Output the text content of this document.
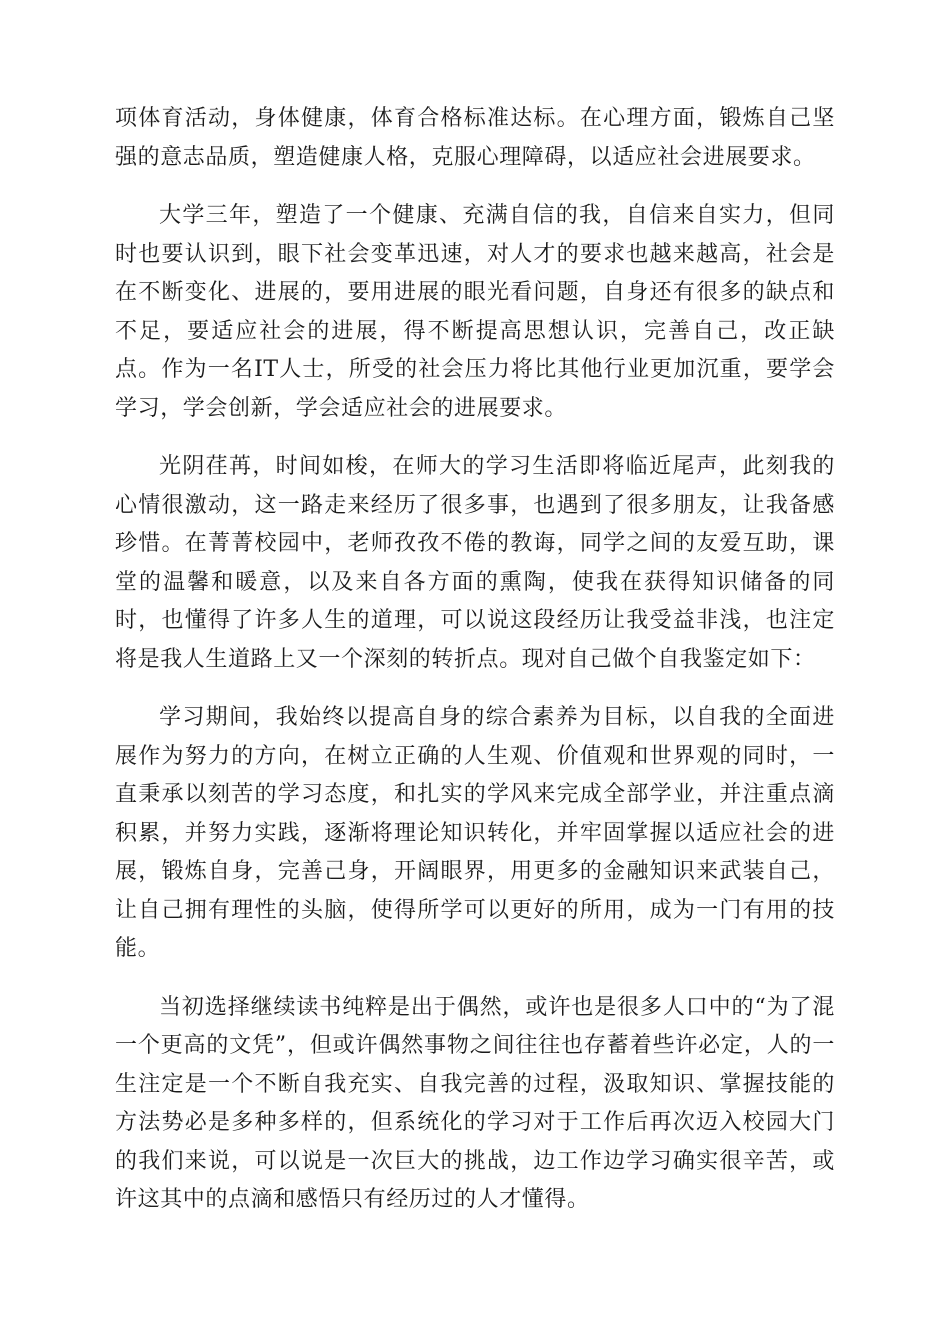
项体育活动，身体健康，体育合格标准达标。在心理方面，锻炼自己坚强的意志品质，塑造健康人格，克服心理障碍，以适应社会进展要求。

大学三年，塑造了一个健康、充满自信的我，自信来自实力，但同时也要认识到，眼下社会变革迅速，对人才的要求也越来越高，社会是在不断变化、进展的，要用进展的眼光看问题，自身还有很多的缺点和不足，要适应社会的进展，得不断提高思想认识，完善自己，改正缺点。作为一名IT人士，所受的社会压力将比其他行业更加沉重，要学会学习，学会创新，学会适应社会的进展要求。

光阴荏苒，时间如梭，在师大的学习生活即将临近尾声，此刻我的心情很激动，这一路走来经历了很多事，也遇到了很多朋友，让我备感珍惜。在菁菁校园中，老师孜孜不倦的教诲，同学之间的友爱互助，课堂的温馨和暖意，以及来自各方面的熏陶，使我在获得知识储备的同时，也懂得了许多人生的道理，可以说这段经历让我受益非浅，也注定将是我人生道路上又一个深刻的转折点。现对自己做个自我鉴定如下：

学习期间，我始终以提高自身的综合素养为目标，以自我的全面进展作为努力的方向，在树立正确的人生观、价值观和世界观的同时，一直秉承以刻苦的学习态度，和扎实的学风来完成全部学业，并注重点滴积累，并努力实践，逐渐将理论知识转化，并牢固掌握以适应社会的进展，锻炼自身，完善己身，开阔眼界，用更多的金融知识来武装自己，让自己拥有理性的头脑，使得所学可以更好的所用，成为一门有用的技能。

当初选择继续读书纯粹是出于偶然，或许也是很多人口中的“为了混一个更高的文凭”，但或许偶然事物之间往往也存蓄着些许必定，人的一生注定是一个不断自我充实、自我完善的过程，汲取知识、掌握技能的方法势必是多种多样的，但系统化的学习对于工作后再次迈入校园大门的我们来说，可以说是一次巨大的挑战，边工作边学习确实很辛苦，或许这其中的点滴和感悟只有经历过的人才懂得。
